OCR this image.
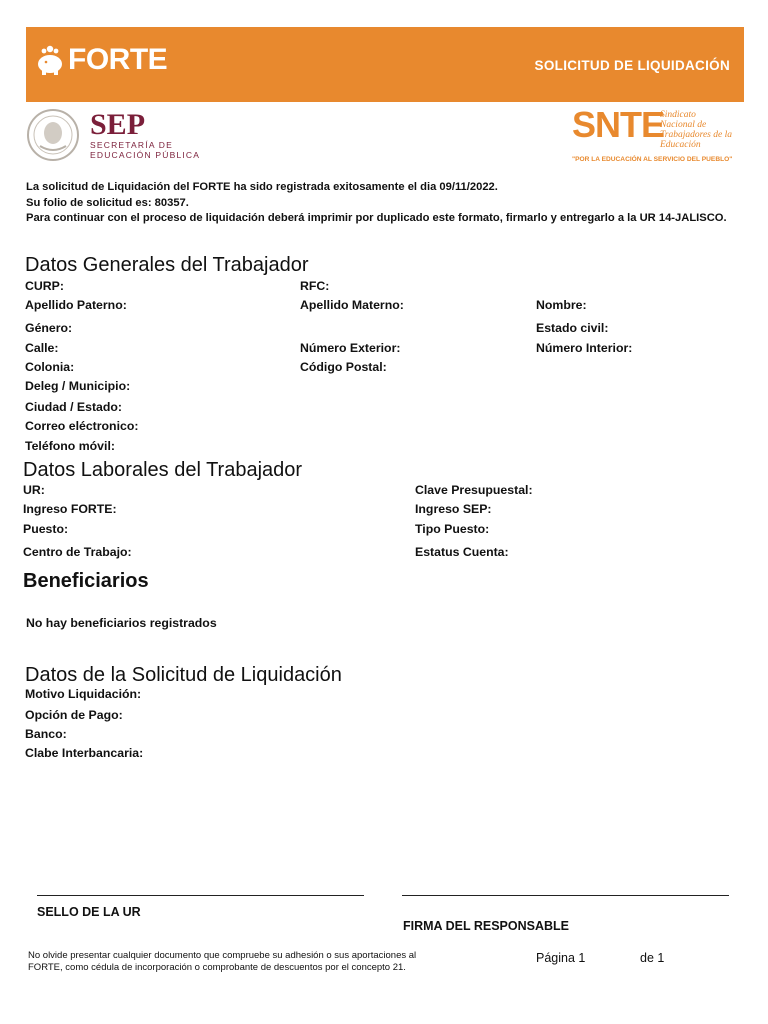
FORTE	SOLICITUD DE LIQUIDACIÓN
SEP
SECRETARÍA DE
EDUCACIÓN PÚBLICA
SNTE
Sindicato
Nacional de
Trabajadores de la
Educación
"POR LA EDUCACIÓN AL SERVICIO DEL PUEBLO"
La solicitud de Liquidación del FORTE ha sido registrada exitosamente el dia 09/11/2022.
Su folio de solicitud es: 80357.
Para continuar con el proceso de liquidación deberá imprimir por duplicado este formato, firmarlo y entregarlo a la UR 14-JALISCO.
Datos Generales del Trabajador
CURP:	RFC:
Apellido Paterno:	Apellido Materno:	Nombre:
Género:	Estado civil:
Calle:	Número Exterior:	Número Interior:
Colonia:	Código Postal:
Deleg / Municipio:
Ciudad / Estado:
Correo eléctronico:
Teléfono móvil:
Datos Laborales del Trabajador
UR:	Clave Presupuestal:
Ingreso FORTE:	Ingreso SEP:
Puesto:	Tipo Puesto:
Centro de Trabajo:	Estatus Cuenta:
Beneficiarios
No hay beneficiarios registrados
Datos de la Solicitud de Liquidación
Motivo Liquidación:
Opción de Pago:
Banco:
Clabe Interbancaria:
SELLO DE LA UR
FIRMA DEL RESPONSABLE
No olvide presentar cualquier documento que compruebe su adhesión o sus aportaciones al
FORTE, como cédula de incorporación o comprobante de descuentos por el concepto 21.
Página 1	de 1
